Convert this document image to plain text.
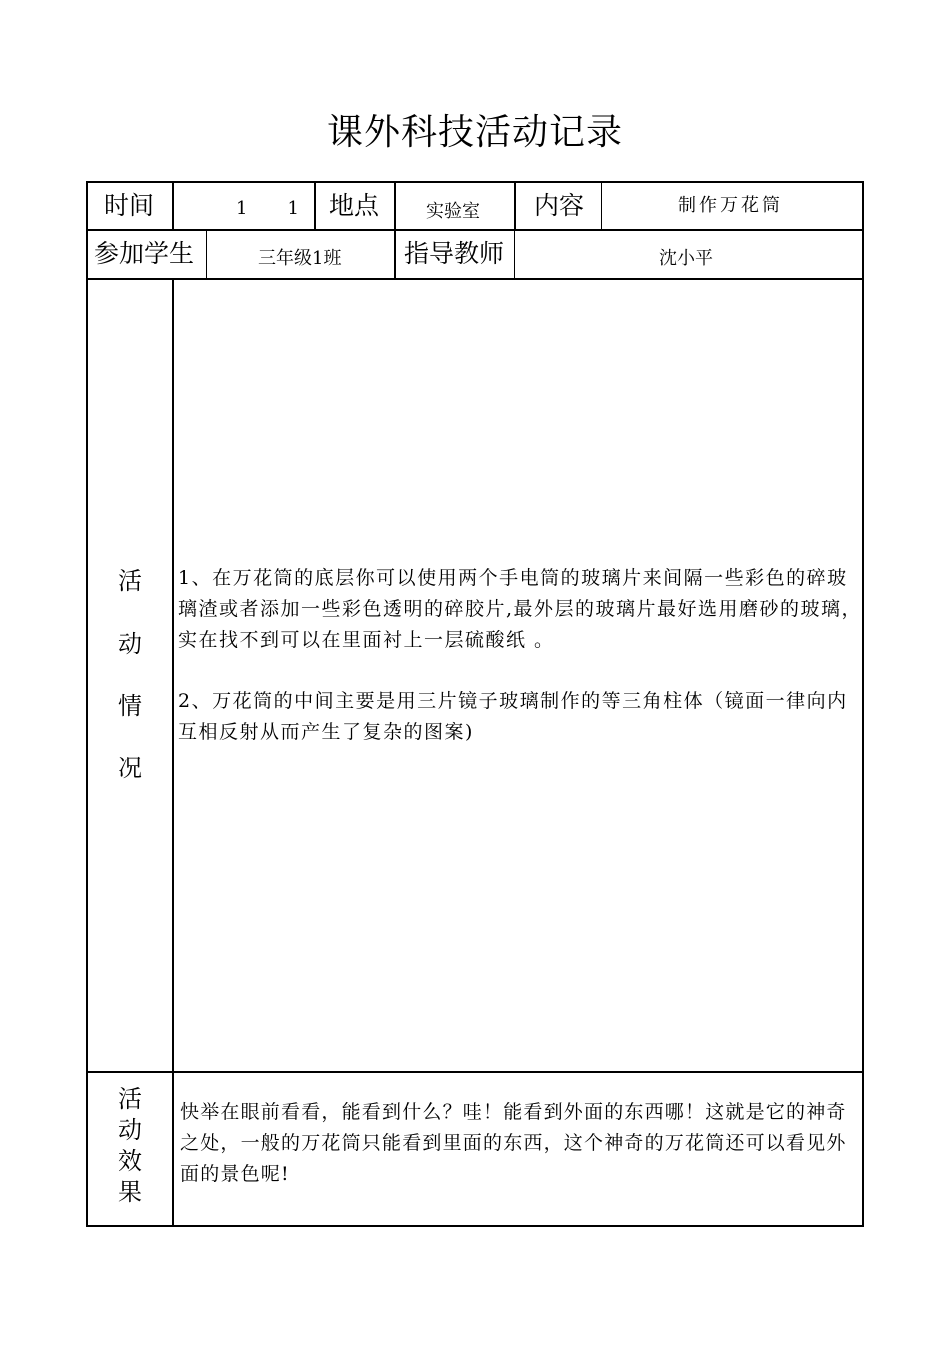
课外科技活动记录
时间	1       1 地点	实验室 内容	制作万花筒
参加学生	三年级1班	指导教师	沈小平
活
动
情
况
1、在万花筒的底层你可以使用两个手电筒的玻璃片来间隔一些彩色的碎玻璃渣或者添加一些彩色透明的碎胶片,最外层的玻璃片最好选用磨砂的玻璃，实在找不到可以在里面衬上一层硫酸纸 。
2、万花筒的中间主要是用三片镜子玻璃制作的等三角柱体（镜面一律向内互相反射从而产生了复杂的图案)
活
动
效
果
快举在眼前看看，能看到什么？哇！能看到外面的东西哪！这就是它的神奇之处，一般的万花筒只能看到里面的东西，这个神奇的万花筒还可以看见外面的景色呢!
